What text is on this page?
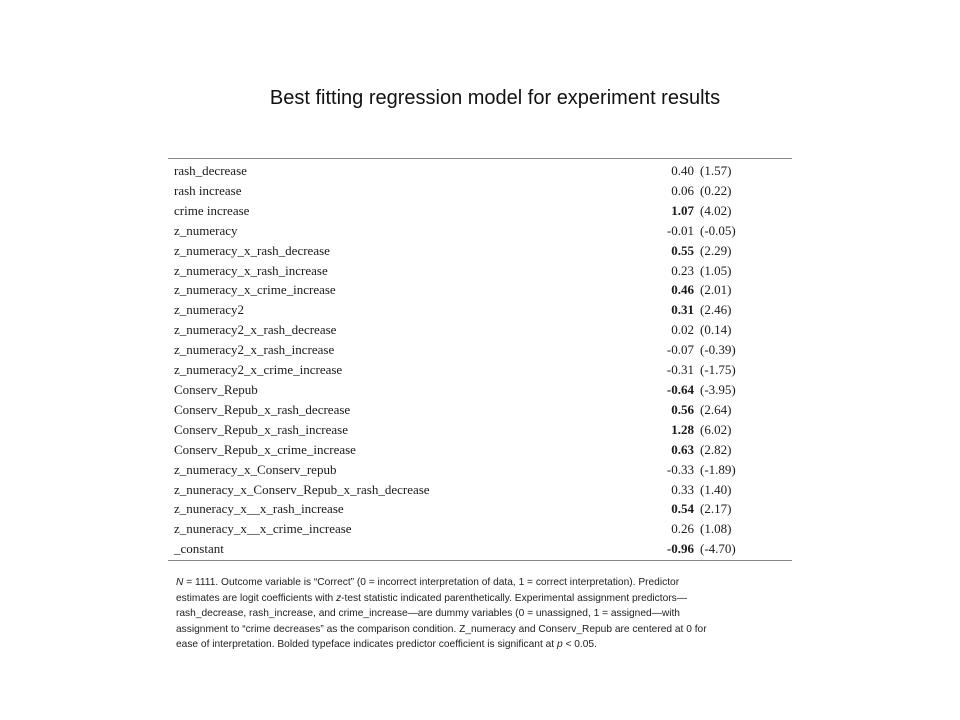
Best fitting regression model for experiment results
rash_decrease	0.40	(1.57)
rash increase	0.06	(0.22)
crime increase	1.07	(4.02)
z_numeracy	-0.01	(-0.05)
z_numeracy_x_rash_decrease	0.55	(2.29)
z_numeracy_x_rash_increase	0.23	(1.05)
z_numeracy_x_crime_increase	0.46	(2.01)
z_numeracy2	0.31	(2.46)
z_numeracy2_x_rash_decrease	0.02	(0.14)
z_numeracy2_x_rash_increase	-0.07	(-0.39)
z_numeracy2_x_crime_increase	-0.31	(-1.75)
Conserv_Repub	-0.64	(-3.95)
Conserv_Repub_x_rash_decrease	0.56	(2.64)
Conserv_Repub_x_rash_increase	1.28	(6.02)
Conserv_Repub_x_crime_increase	0.63	(2.82)
z_numeracy_x_Conserv_repub	-0.33	(-1.89)
z_nuneracy_x_Conserv_Repub_x_rash_decrease	0.33	(1.40)
z_nuneracy_x__x_rash_increase	0.54	(2.17)
z_nuneracy_x__x_crime_increase	0.26	(1.08)
_constant	-0.96	(-4.70)
N = 1111. Outcome variable is “Correct” (0 = incorrect interpretation of data, 1 = correct interpretation). Predictor
estimates are logit coefficients with z-test statistic indicated parenthetically. Experimental assignment predictors—
rash_decrease, rash_increase, and crime_increase—are dummy variables (0 = unassigned, 1 = assigned—with
assignment to “crime decreases” as the comparison condition. Z_numeracy and Conserv_Repub are centered at 0 for
ease of interpretation. Bolded typeface indicates predictor coefficient is significant at p < 0.05.
